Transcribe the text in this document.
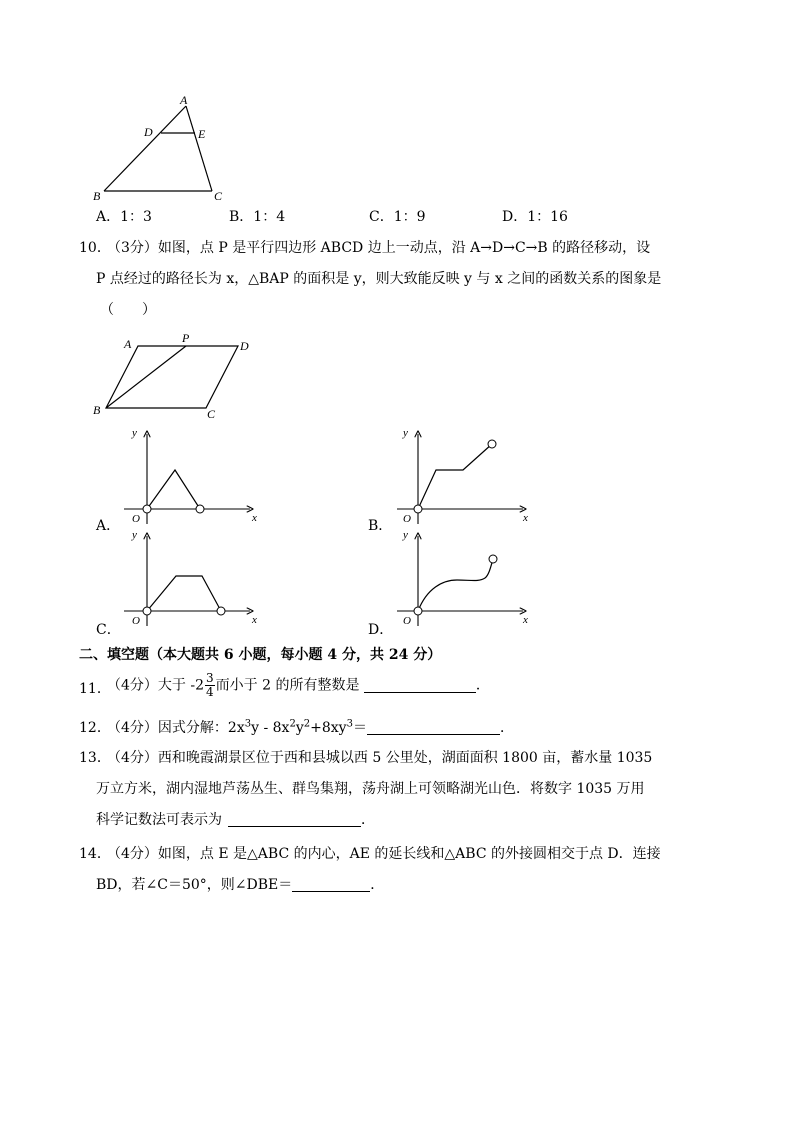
A
D	E
B	C
A．1：3	B．1：4	C．1：9	D．1：16
10．
（3分）如图，点 P 是平行四边形 ABCD 边上一动点，沿 A→D→C→B 的路径移动，设
P 点经过的路径长为 x，△BAP 的面积是 y，则大致能反映 y 与 x 之间的函数关系的图象是
（　　）
A	P
D
B	C
y
x
O
A．
y
x
O
B．
y
x
O
C．
y
x
O
D．
二、填空题（本大题共 6 小题，每小题 4 分，共 24 分）
11．
（4分）大于 $-2 \frac{3}{4}$ 而小于 2 的所有整数是	．
12．
（4分）因式分解：$2x^3y - 8x^2y^2+8xy^3=$	．
13．
（4分）西和晚霞湖景区位于西和县城以西 5 公里处，湖面面积 1800 亩，蓄水量 1035
万立方米，湖内湿地芦荡丛生、群鸟集翔，荡舟湖上可领略湖光山色．将数字 1035 万用
科学记数法可表示为	．
14．
（4分）如图，点 E 是△ABC 的内心，AE 的延长线和△ABC 的外接圆相交于点 D．连接
BD，若∠C＝50°，则∠DBE＝	．
